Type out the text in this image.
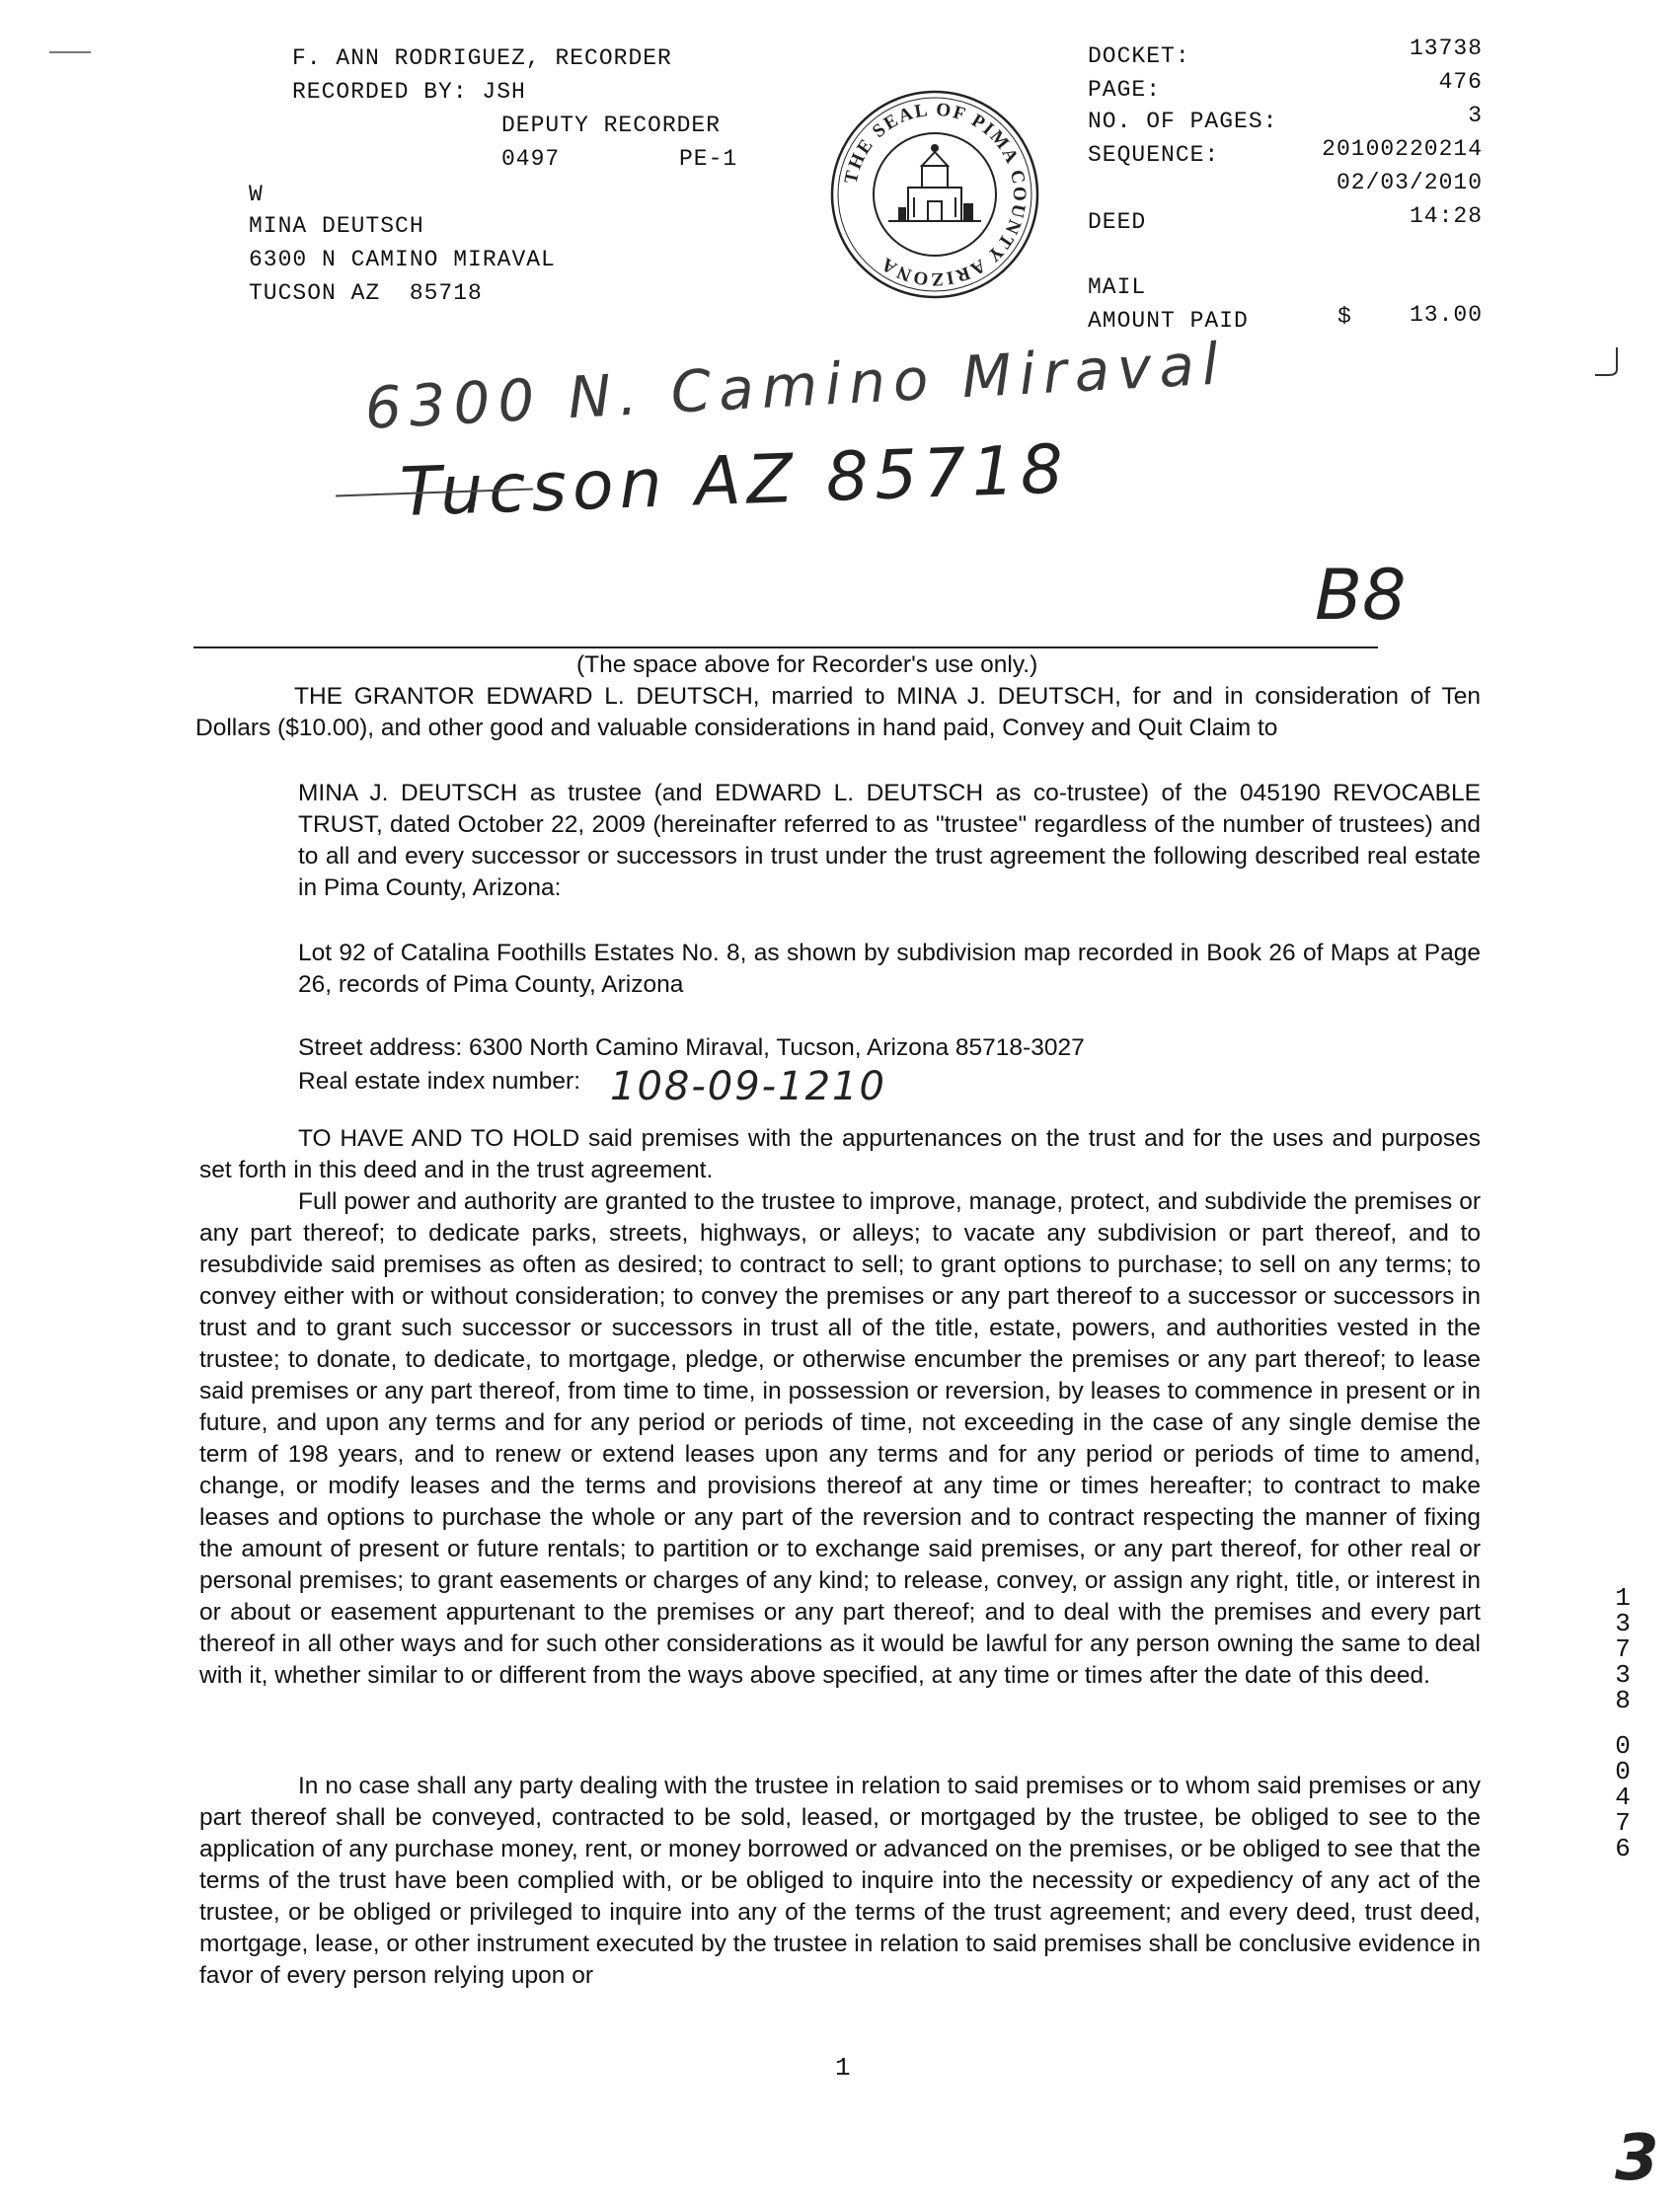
F. ANN RODRIGUEZ, RECORDER
RECORDED BY: JSH
DEPUTY RECORDER
0497	PE-1
W
MINA DEUTSCH
6300 N CAMINO MIRAVAL
TUCSON AZ  85718
THE SEAL OF PIMA COUNTY ARIZONA
DOCKET:	13738
PAGE:	476
NO. OF PAGES:	3
SEQUENCE:	20100220214
02/03/2010
DEED	14:28
MAIL
AMOUNT PAID	$	13.00
6300 N. Camino Miraval
Tucson AZ 85718
B8
(The space above for Recorder's use only.)
THE GRANTOR EDWARD L. DEUTSCH, married to MINA J. DEUTSCH, for and in consideration of Ten Dollars ($10.00), and other good and valuable considerations in hand paid, Convey and Quit Claim to
MINA J. DEUTSCH as trustee (and EDWARD L. DEUTSCH as co-trustee) of the 045190 REVOCABLE TRUST, dated October 22, 2009 (hereinafter referred to as "trustee" regardless of the number of trustees) and to all and every successor or successors in trust under the trust agreement the following described real estate in Pima County, Arizona:
Lot 92 of Catalina Foothills Estates No. 8, as shown by subdivision map recorded in Book 26 of Maps at Page 26, records of Pima County, Arizona
Street address: 6300 North Camino Miraval, Tucson, Arizona 85718-3027
Real estate index number: 108-09-1210
TO HAVE AND TO HOLD said premises with the appurtenances on the trust and for the uses and purposes set forth in this deed and in the trust agreement.
Full power and authority are granted to the trustee to improve, manage, protect, and subdivide the premises or any part thereof; to dedicate parks, streets, highways, or alleys; to vacate any subdivision or part thereof, and to resubdivide said premises as often as desired; to contract to sell; to grant options to purchase; to sell on any terms; to convey either with or without consideration; to convey the premises or any part thereof to a successor or successors in trust and to grant such successor or successors in trust all of the title, estate, powers, and authorities vested in the trustee; to donate, to dedicate, to mortgage, pledge, or otherwise encumber the premises or any part thereof; to lease said premises or any part thereof, from time to time, in possession or reversion, by leases to commence in present or in future, and upon any terms and for any period or periods of time, not exceeding in the case of any single demise the term of 198 years, and to renew or extend leases upon any terms and for any period or periods of time to amend, change, or modify leases and the terms and provisions thereof at any time or times hereafter; to contract to make leases and options to purchase the whole or any part of the reversion and to contract respecting the manner of fixing the amount of present or future rentals; to partition or to exchange said premises, or any part thereof, for other real or personal premises; to grant easements or charges of any kind; to release, convey, or assign any right, title, or interest in or about or easement appurtenant to the premises or any part thereof; and to deal with the premises and every part thereof in all other ways and for such other considerations as it would be lawful for any person owning the same to deal with it, whether similar to or different from the ways above specified, at any time or times after the date of this deed.
In no case shall any party dealing with the trustee in relation to said premises or to whom said premises or any part thereof shall be conveyed, contracted to be sold, leased, or mortgaged by the trustee, be obliged to see to the application of any purchase money, rent, or money borrowed or advanced on the premises, or be obliged to see that the terms of the trust have been complied with, or be obliged to inquire into the necessity or expediency of any act of the trustee, or be obliged or privileged to inquire into any of the terms of the trust agreement; and every deed, trust deed, mortgage, lease, or other instrument executed by the trustee in relation to said premises shall be conclusive evidence in favor of every person relying upon or
1
13738
00476
3
